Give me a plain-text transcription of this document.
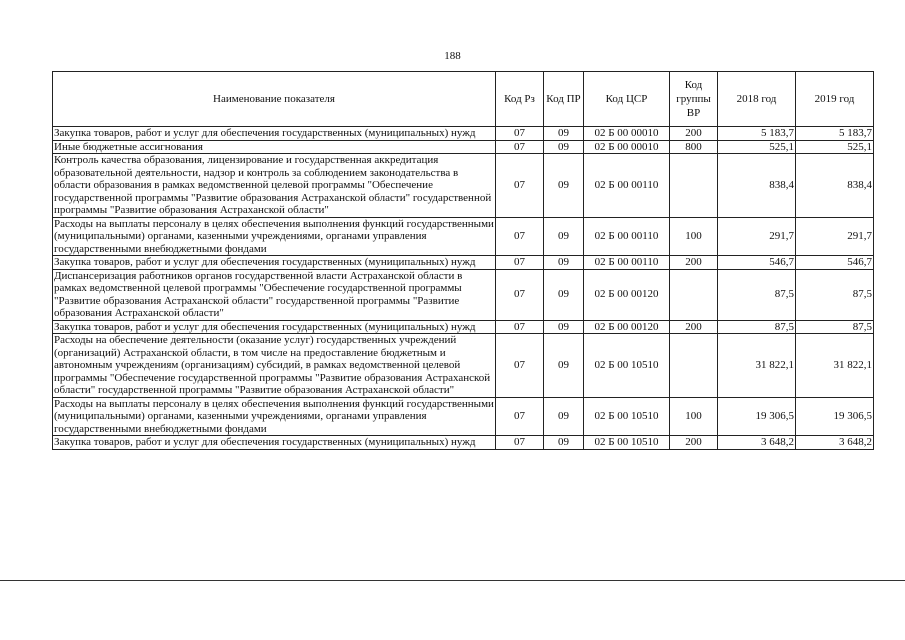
188
Наименование показателя	Код Рз	Код ПР	Код ЦСР	Код группы ВР	2018 год	2019 год
Закупка товаров, работ и услуг для обеспечения государственных (муниципальных) нужд	07	09	02 Б 00 00010	200	5 183,7	5 183,7
Иные бюджетные ассигнования	07	09	02 Б 00 00010	800	525,1	525,1
Контроль качества образования, лицензирование и государственная аккредитация образовательной деятельности, надзор и контроль за соблюдением законодательства в области образования в рамках ведомственной целевой программы "Обеспечение государственной программы "Развитие образования Астраханской области" государственной программы "Развитие образования Астраханской области"	07	09	02 Б 00 00110		838,4	838,4
Расходы на выплаты персоналу в целях обеспечения выполнения функций государственными (муниципальными) органами, казенными учреждениями, органами управления государственными внебюджетными фондами	07	09	02 Б 00 00110	100	291,7	291,7
Закупка товаров, работ и услуг для обеспечения государственных (муниципальных) нужд	07	09	02 Б 00 00110	200	546,7	546,7
Диспансеризация работников органов государственной власти Астраханской области в рамках ведомственной целевой программы "Обеспечение государственной программы "Развитие образования Астраханской области" государственной программы "Развитие образования Астраханской области"	07	09	02 Б 00 00120		87,5	87,5
Закупка товаров, работ и услуг для обеспечения государственных (муниципальных) нужд	07	09	02 Б 00 00120	200	87,5	87,5
Расходы на обеспечение деятельности (оказание услуг) государственных учреждений (организаций) Астраханской области, в том числе на предоставление бюджетным и автономным учреждениям (организациям) субсидий, в рамках ведомственной целевой программы "Обеспечение государственной программы "Развитие образования Астраханской области" государственной программы "Развитие образования Астраханской области"	07	09	02 Б 00 10510		31 822,1	31 822,1
Расходы на выплаты персоналу в целях обеспечения выполнения функций государственными (муниципальными) органами, казенными учреждениями, органами управления государственными внебюджетными фондами	07	09	02 Б 00 10510	100	19 306,5	19 306,5
Закупка товаров, работ и услуг для обеспечения государственных (муниципальных) нужд	07	09	02 Б 00 10510	200	3 648,2	3 648,2
